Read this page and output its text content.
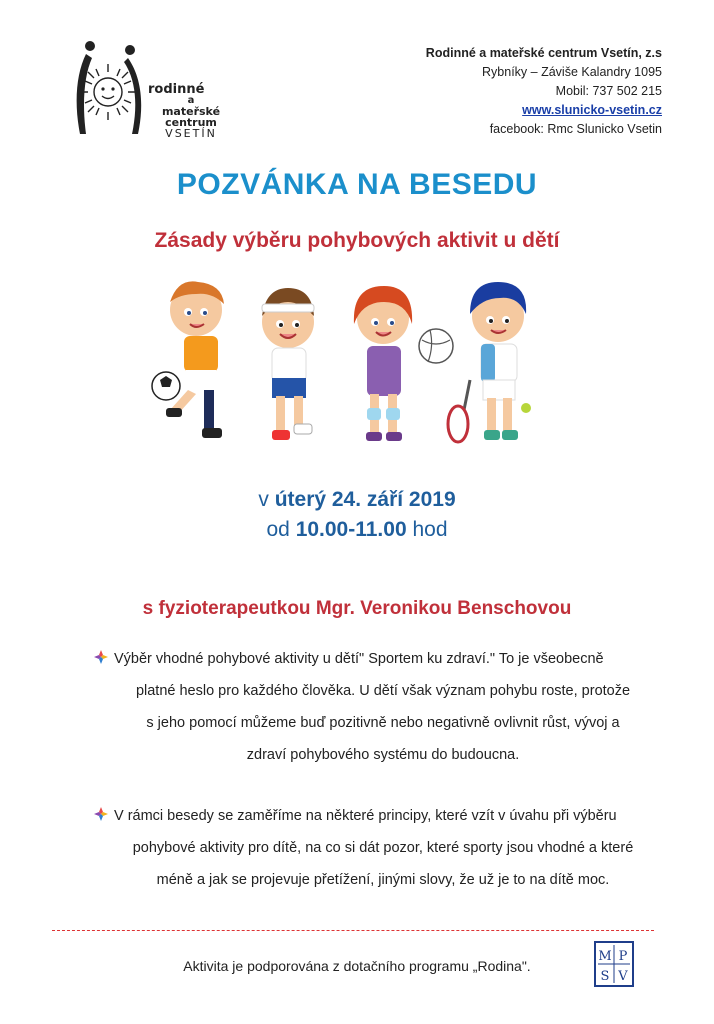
rodinné
a
mateřské
centrum
VSETÍN
Rodinné a mateřské centrum Vsetín, z.s
Rybníky – Záviše Kalandry 1095
Mobil: 737 502 215
www.slunicko-vsetin.cz
facebook: Rmc Slunicko Vsetin
POZVÁNKA NA BESEDU
Zásady výběru pohybových aktivit u dětí
v úterý 24. září 2019
od 10.00-11.00 hod
s fyzioterapeutkou Mgr. Veronikou Benschovou
Výběr vhodné pohybové aktivity u dětí" Sportem ku zdraví." To je všeobecně
platné heslo pro každého člověka. U dětí však význam pohybu roste, protože
s jeho pomocí můžeme buď pozitivně nebo negativně ovlivnit růst, vývoj a
zdraví pohybového systému do budoucna.
V rámci besedy se zaměříme na některé principy, které vzít v úvahu při výběru
pohybové aktivity pro dítě, na co si dát pozor, které sporty jsou vhodné a které
méně a jak se projevuje přetížení, jinými slovy, že už je to na dítě moc.
Aktivita je podporována z dotačního programu „Rodina".
M P
S V
